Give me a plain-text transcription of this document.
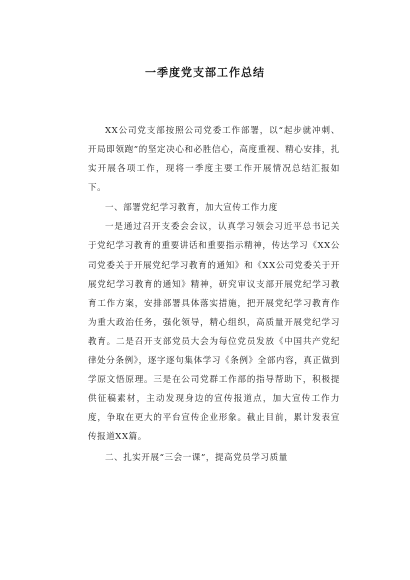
一季度党支部工作总结

XX公司党支部按照公司党委工作部署，以“起步就冲刺、开局即领跑”的坚定决心和必胜信心，高度重视、精心安排，扎实开展各项工作，现将一季度主要工作开展情况总结汇报如下。

一、部署党纪学习教育，加大宣传工作力度

一是通过召开支委会会议，认真学习领会习近平总书记关于党纪学习教育的重要讲话和重要指示精神，传达学习《XX公司党委关于开展党纪学习教育的通知》和《XX公司党委关于开展党纪学习教育的通知》精神，研究审议支部开展党纪学习教育工作方案，安排部署具体落实措施，把开展党纪学习教育作为重大政治任务，强化领导，精心组织，高质量开展党纪学习教育。二是召开支部党员大会为每位党员发放《中国共产党纪律处分条例》，逐字逐句集体学习《条例》全部内容，真正做到学原文悟原理。三是在公司党群工作部的指导帮助下，积极提供征稿素材，主动发现身边的宣传报道点，加大宣传工作力度，争取在更大的平台宣传企业形象。截止目前，累计发表宣传报道XX篇。

二、扎实开展“三会一课”，提高党员学习质量
